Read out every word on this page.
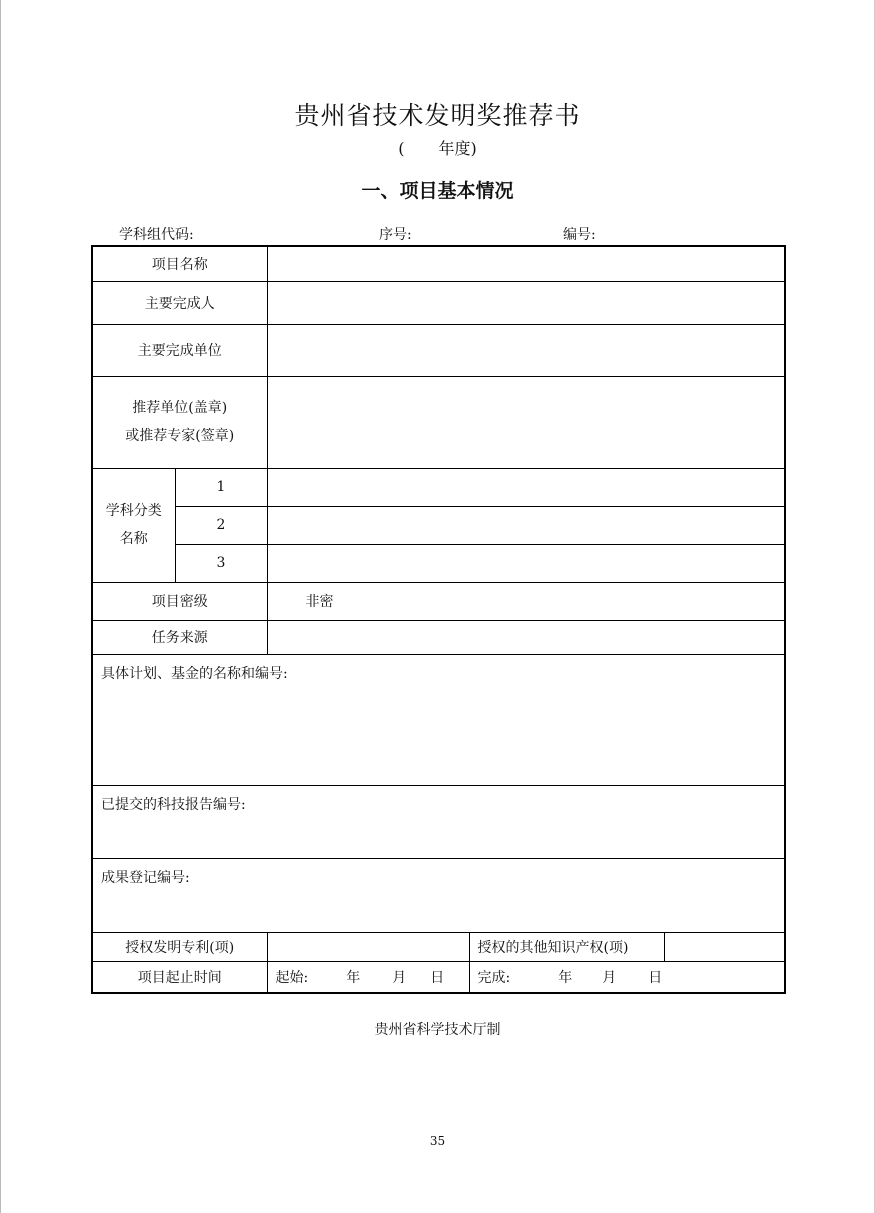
贵州省技术发明奖推荐书
( 年度)
一、项目基本情况
学科组代码:	序号:	编号:
项目名称				
主要完成人				
主要完成单位				
推荐单位(盖章)
或推荐专家(签章)				
学科分类
名称	1			
	2			
	3			
项目密级		非密		
任务来源				
具体计划、基金的名称和编号:				
已提交的科技报告编号:				
成果登记编号:				
授权发明专利(项)			授权的其他知识产权(项)	
项目起止时间		起始: 年 月 日	完成: 年 月 日	
贵州省科学技术厅制
35
